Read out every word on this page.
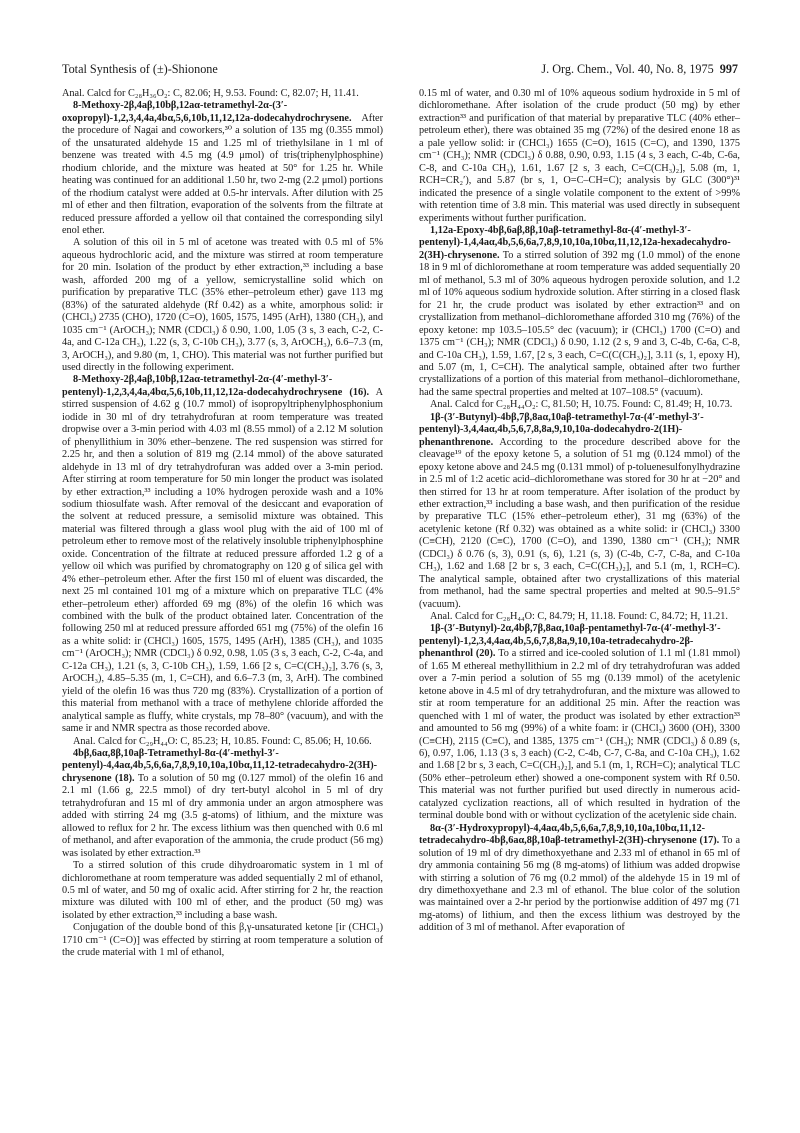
Total Synthesis of (±)-Shionone	J. Org. Chem., Vol. 40, No. 8, 1975 997

Anal. Calcd for C₂₈H₃₆O₂: C, 82.06; H, 9.53. Found: C, 82.07; H, 11.41.

8-Methoxy-2β,4aβ,10bβ,12aα-tetramethyl-2α-(3′-oxopropyl)-1,2,3,4,4a,4bα,5,6,10b,11,12,12a-dodecahydrochrysene. After the procedure of Nagai and coworkers,³⁰ a solution of 135 mg (0.355 mmol) of the unsaturated aldehyde 15 and 1.25 ml of triethylsilane in 1 ml of benzene was treated with 4.5 mg (4.9 μmol) of tris(triphenylphosphine) rhodium chloride, and the mixture was heated at 50° for 1.25 hr. While heating was continued for an additional 1.50 hr, two 2-mg (2.2 μmol) portions of the rhodium catalyst were added at 0.5-hr intervals. After dilution with 25 ml of ether and then filtration, evaporation of the solvents from the filtrate at reduced pressure afforded a yellow oil that contained the corresponding silyl enol ether.

A solution of this oil in 5 ml of acetone was treated with 0.5 ml of 5% aqueous hydrochloric acid, and the mixture was stirred at room temperature for 20 min. Isolation of the product by ether extraction,³³ including a base wash, afforded 200 mg of a yellow, semicrystalline solid which on purification by preparative TLC (35% ether–petroleum ether) gave 113 mg (83%) of the saturated aldehyde (Rf 0.42) as a white, amorphous solid: ir (CHCl₃) 2735 (CHO), 1720 (C=O), 1605, 1575, 1495 (ArH), 1380 (CH₃), and 1035 cm⁻¹ (ArOCH₃); NMR (CDCl₃) δ 0.90, 1.00, 1.05 (3 s, 3 each, C-2, C-4a, and C-12a CH₃), 1.22 (s, 3, C-10b CH₃), 3.77 (s, 3, ArOCH₃), 6.6–7.3 (m, 3, ArOCH₃), and 9.80 (m, 1, CHO). This material was not further purified but used directly in the following experiment.

8-Methoxy-2β,4aβ,10bβ,12aα-tetramethyl-2α-(4′-methyl-3′-pentenyl)-1,2,3,4,4a,4bα,5,6,10b,11,12,12a-dodecahydrochrysene (16). A stirred suspension of 4.62 g (10.7 mmol) of isopropyltriphenylphosphonium iodide in 30 ml of dry tetrahydrofuran at room temperature was treated dropwise over a 3-min period with 4.03 ml (8.55 mmol) of a 2.12 M solution of phenyllithium in 30% ether–benzene. The red suspension was stirred for 2.25 hr, and then a solution of 819 mg (2.14 mmol) of the above saturated aldehyde in 13 ml of dry tetrahydrofuran was added over a 3-min period. After stirring at room temperature for 50 min longer the product was isolated by ether extraction,³³ including a 10% hydrogen peroxide wash and a 10% sodium thiosulfate wash. After removal of the desiccant and evaporation of the solvent at reduced pressure, a semisolid mixture was obtained. This material was filtered through a glass wool plug with the aid of 100 ml of petroleum ether to remove most of the relatively insoluble triphenylphosphine oxide. Concentration of the filtrate at reduced pressure afforded 1.2 g of a yellow oil which was purified by chromatography on 120 g of silica gel with 4% ether–petroleum ether. After the first 150 ml of eluent was discarded, the next 25 ml contained 101 mg of a mixture which on preparative TLC (4% ether–petroleum ether) afforded 69 mg (8%) of the olefin 16 which was combined with the bulk of the product obtained later. Concentration of the following 250 ml at reduced pressure afforded 651 mg (75%) of the olefin 16 as a white solid: ir (CHCl₃) 1605, 1575, 1495 (ArH), 1385 (CH₃), and 1035 cm⁻¹ (ArOCH₃); NMR (CDCl₃) δ 0.92, 0.98, 1.05 (3 s, 3 each, C-2, C-4a, and C-12a CH₃), 1.21 (s, 3, C-10b CH₃), 1.59, 1.66 [2 s, C=C(CH₃)₂], 3.76 (s, 3, ArOCH₃), 4.85–5.35 (m, 1, C=CH), and 6.6–7.3 (m, 3, ArH). The combined yield of the olefin 16 was thus 720 mg (83%). Crystallization of a portion of this material from methanol with a trace of methylene chloride afforded the analytical sample as fluffy, white crystals, mp 78–80° (vacuum), and with the same ir and NMR spectra as those recorded above.

Anal. Calcd for C₂₉H₄₄O: C, 85.23; H, 10.85. Found: C, 85.06; H, 10.66.

4bβ,6aα,8β,10aβ-Tetramethyl-8α-(4′-methyl-3′-pentenyl)-4,4aα,4b,5,6,6a,7,8,9,10,10a,10bα,11,12-tetradecahydro-2(3H)-chrysenone (18). To a solution of 50 mg (0.127 mmol) of the olefin 16 and 2.1 ml (1.66 g, 22.5 mmol) of dry tert-butyl alcohol in 5 ml of dry tetrahydrofuran and 15 ml of dry ammonia under an argon atmosphere was added with stirring 24 mg (3.5 g-atoms) of lithium, and the mixture was allowed to reflux for 2 hr. The excess lithium was then quenched with 0.6 ml of methanol, and after evaporation of the ammonia, the crude product (56 mg) was isolated by ether extraction.³³

To a stirred solution of this crude dihydroaromatic system in 1 ml of dichloromethane at room temperature was added sequentially 2 ml of ethanol, 0.5 ml of water, and 50 mg of oxalic acid. After stirring for 2 hr, the reaction mixture was diluted with 100 ml of ether, and the product (50 mg) was isolated by ether extraction,³³ including a base wash.

Conjugation of the double bond of this β,γ-unsaturated ketone [ir (CHCl₃) 1710 cm⁻¹ (C=O)] was effected by stirring at room temperature a solution of the crude material with 1 ml of ethanol,

0.15 ml of water, and 0.30 ml of 10% aqueous sodium hydroxide in 5 ml of dichloromethane. After isolation of the crude product (50 mg) by ether extraction³³ and purification of that material by preparative TLC (40% ether–petroleum ether), there was obtained 35 mg (72%) of the desired enone 18 as a pale yellow solid: ir (CHCl₃) 1655 (C=O), 1615 (C=C), and 1390, 1375 cm⁻¹ (CH₃); NMR (CDCl₃) δ 0.88, 0.90, 0.93, 1.15 (4 s, 3 each, C-4b, C-6a, C-8, and C-10a CH₃), 1.61, 1.67 [2 s, 3 each, C=C(CH₃)₂], 5.08 (m, 1, RCH=CR₂′), and 5.87 (br s, 1, O=C–CH=C); analysis by GLC (300°)³¹ indicated the presence of a single volatile component to the extent of >99% with retention time of 3.8 min. This material was used directly in subsequent experiments without further purification.

1,12a-Epoxy-4bβ,6aβ,8β,10aβ-tetramethyl-8α-(4′-methyl-3′-pentenyl)-1,4,4aα,4b,5,6,6a,7,8,9,10,10a,10bα,11,12,12a-hexadecahydro-2(3H)-chrysenone. To a stirred solution of 392 mg (1.0 mmol) of the enone 18 in 9 ml of dichloromethane at room temperature was added sequentially 20 ml of methanol, 5.3 ml of 30% aqueous hydrogen peroxide solution, and 1.2 ml of 10% aqueous sodium hydroxide solution. After stirring in a closed flask for 21 hr, the crude product was isolated by ether extraction³³ and on crystallization from methanol–dichloromethane afforded 310 mg (76%) of the epoxy ketone: mp 103.5–105.5° dec (vacuum); ir (CHCl₃) 1700 (C=O) and 1375 cm⁻¹ (CH₃); NMR (CDCl₃) δ 0.90, 1.12 (2 s, 9 and 3, C-4b, C-6a, C-8, and C-10a CH₃), 1.59, 1.67, [2 s, 3 each, C=C(C(CH₃)₂], 3.11 (s, 1, epoxy H), and 5.07 (m, 1, C=CH). The analytical sample, obtained after two further crystallizations of a portion of this material from methanol–dichloromethane, had the same spectral properties and melted at 107–108.5° (vacuum).

Anal. Calcd for C₂₈H₄₄O₂: C, 81.50; H, 10.75. Found: C, 81.49; H, 10.73.

1β-(3′-Butynyl)-4bβ,7β,8aα,10aβ-tetramethyl-7α-(4′-methyl-3′-pentenyl)-3,4,4aα,4b,5,6,7,8,8a,9,10,10a-dodecahydro-2(1H)-phenanthrenone. According to the procedure described above for the cleavage¹⁹ of the epoxy ketone 5, a solution of 51 mg (0.124 mmol) of the epoxy ketone above and 24.5 mg (0.131 mmol) of p-toluenesulfonylhydrazine in 2.5 ml of 1:2 acetic acid–dichloromethane was stored for 30 hr at −20° and then stirred for 13 hr at room temperature. After isolation of the product by ether extraction,³³ including a base wash, and then purification of the residue by preparative TLC (15% ether–petroleum ether), 31 mg (63%) of the acetylenic ketone (Rf 0.32) was obtained as a white solid: ir (CHCl₃) 3300 (C≡CH), 2120 (C≡C), 1700 (C=O), and 1390, 1380 cm⁻¹ (CH₃); NMR (CDCl₃) δ 0.76 (s, 3), 0.91 (s, 6), 1.21 (s, 3) (C-4b, C-7, C-8a, and C-10a CH₃), 1.62 and 1.68 [2 br s, 3 each, C=C(CH₃)₂], and 5.1 (m, 1, RCH=C). The analytical sample, obtained after two crystallizations of this material from methanol, had the same spectral properties and melted at 90.5–91.5° (vacuum).

Anal. Calcd for C₂₈H₄₄O: C, 84.79; H, 11.18. Found: C, 84.72; H, 11.21.

1β-(3′-Butynyl)-2α,4bβ,7β,8aα,10aβ-pentamethyl-7α-(4′-methyl-3′-pentenyl)-1,2,3,4,4aα,4b,5,6,7,8,8a,9,10,10a-tetradecahydro-2β-phenanthrol (20). To a stirred and ice-cooled solution of 1.1 ml (1.81 mmol) of 1.65 M ethereal methyllithium in 2.2 ml of dry tetrahydrofuran was added over a 7-min period a solution of 55 mg (0.139 mmol) of the acetylenic ketone above in 4.5 ml of dry tetrahydrofuran, and the mixture was allowed to stir at room temperature for an additional 25 min. After the reaction was quenched with 1 ml of water, the product was isolated by ether extraction³³ and amounted to 56 mg (99%) of a white foam: ir (CHCl₃) 3600 (OH), 3300 (C≡CH), 2115 (C≡C), and 1385, 1375 cm⁻¹ (CH₃); NMR (CDCl₃) δ 0.89 (s, 6), 0.97, 1.06, 1.13 (3 s, 3 each) (C-2, C-4b, C-7, C-8a, and C-10a CH₃), 1.62 and 1.68 [2 br s, 3 each, C=C(CH₃)₂], and 5.1 (m, 1, RCH=C); analytical TLC (50% ether–petroleum ether) showed a one-component system with Rf 0.50. This material was not further purified but used directly in numerous acid-catalyzed cyclization reactions, all of which resulted in hydration of the terminal double bond with or without cyclization of the acetylenic side chain.

8α-(3′-Hydroxypropyl)-4,4aα,4b,5,6,6a,7,8,9,10,10a,10bα,11,12-tetradecahydro-4bβ,6aα,8β,10aβ-tetramethyl-2(3H)-chrysenone (17). To a solution of 19 ml of dry dimethoxyethane and 2.33 ml of ethanol in 65 ml of dry ammonia containing 56 mg (8 mg-atoms) of lithium was added dropwise with stirring a solution of 76 mg (0.2 mmol) of the aldehyde 15 in 19 ml of dry dimethoxyethane and 2.3 ml of ethanol. The blue color of the solution was maintained over a 2-hr period by the portionwise addition of 497 mg (71 mg-atoms) of lithium, and then the excess lithium was destroyed by the addition of 3 ml of methanol. After evaporation of
